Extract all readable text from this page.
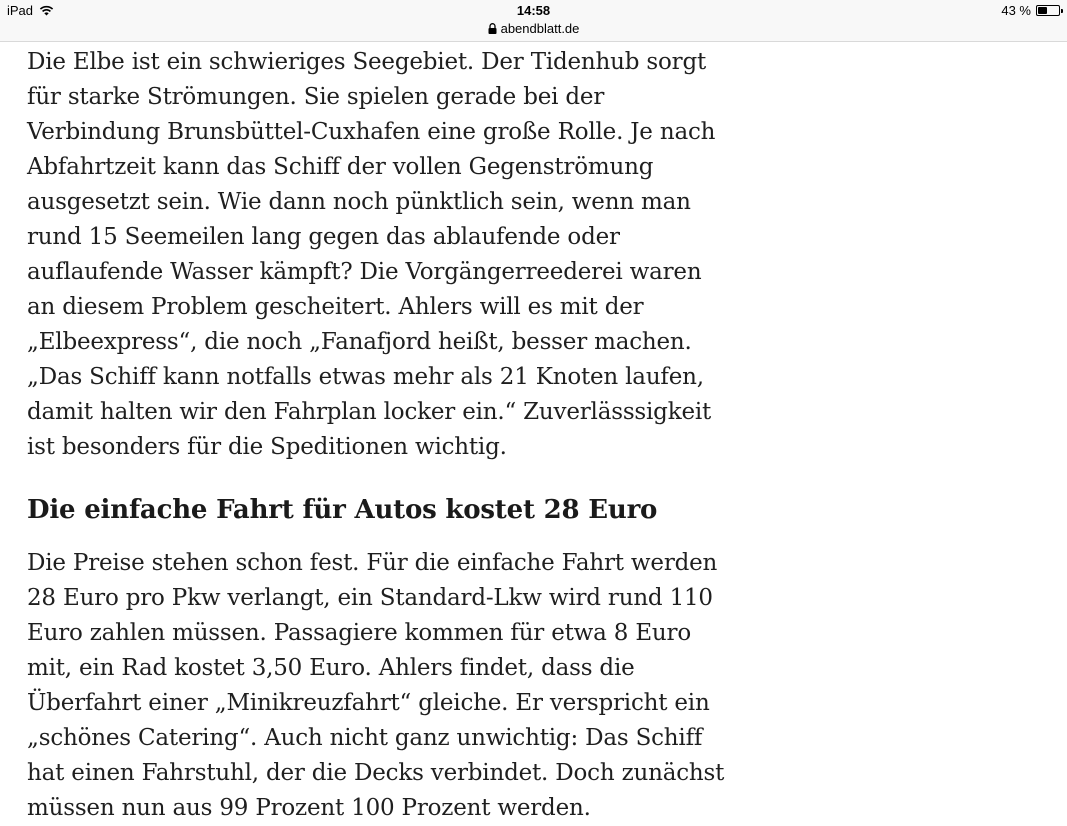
iPad	14:58
abendblatt.de
43 %

Die Elbe ist ein schwieriges Seegebiet. Der Tidenhub sorgt für starke Strömungen. Sie spielen gerade bei der Verbindung Brunsbüttel-Cuxhafen eine große Rolle. Je nach Abfahrtzeit kann das Schiff der vollen Gegenströmung ausgesetzt sein. Wie dann noch pünktlich sein, wenn man rund 15 Seemeilen lang gegen das ablaufende oder auflaufende Wasser kämpft? Die Vorgängerreederei waren an diesem Problem gescheitert. Ahlers will es mit der „Elbeexpress“, die noch „Fanafjord heißt, besser machen. „Das Schiff kann notfalls etwas mehr als 21 Knoten laufen, damit halten wir den Fahrplan locker ein.“ Zuverlässsigkeit ist besonders für die Speditionen wichtig.

Die einfache Fahrt für Autos kostet 28 Euro

Die Preise stehen schon fest. Für die einfache Fahrt werden 28 Euro pro Pkw verlangt, ein Standard-Lkw wird rund 110 Euro zahlen müssen. Passagiere kommen für etwa 8 Euro mit, ein Rad kostet 3,50 Euro. Ahlers findet, dass die Überfahrt einer „Minikreuzfahrt“ gleiche. Er verspricht ein „schönes Catering“. Auch nicht ganz unwichtig: Das Schiff hat einen Fahrstuhl, der die Decks verbindet. Doch zunächst müssen nun aus 99 Prozent 100 Prozent werden.
